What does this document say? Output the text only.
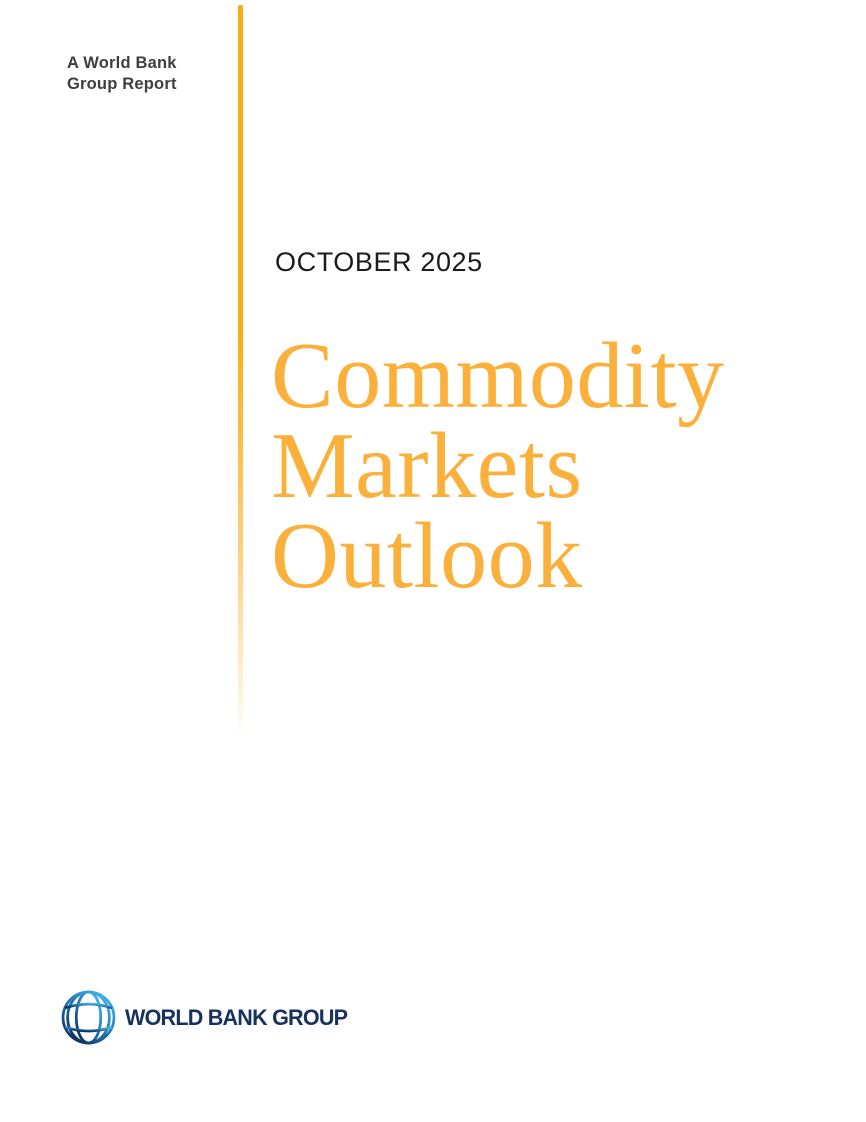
A World Bank
Group Report
OCTOBER 2025
Commodity
Markets
Outlook
WORLD BANK GROUP
